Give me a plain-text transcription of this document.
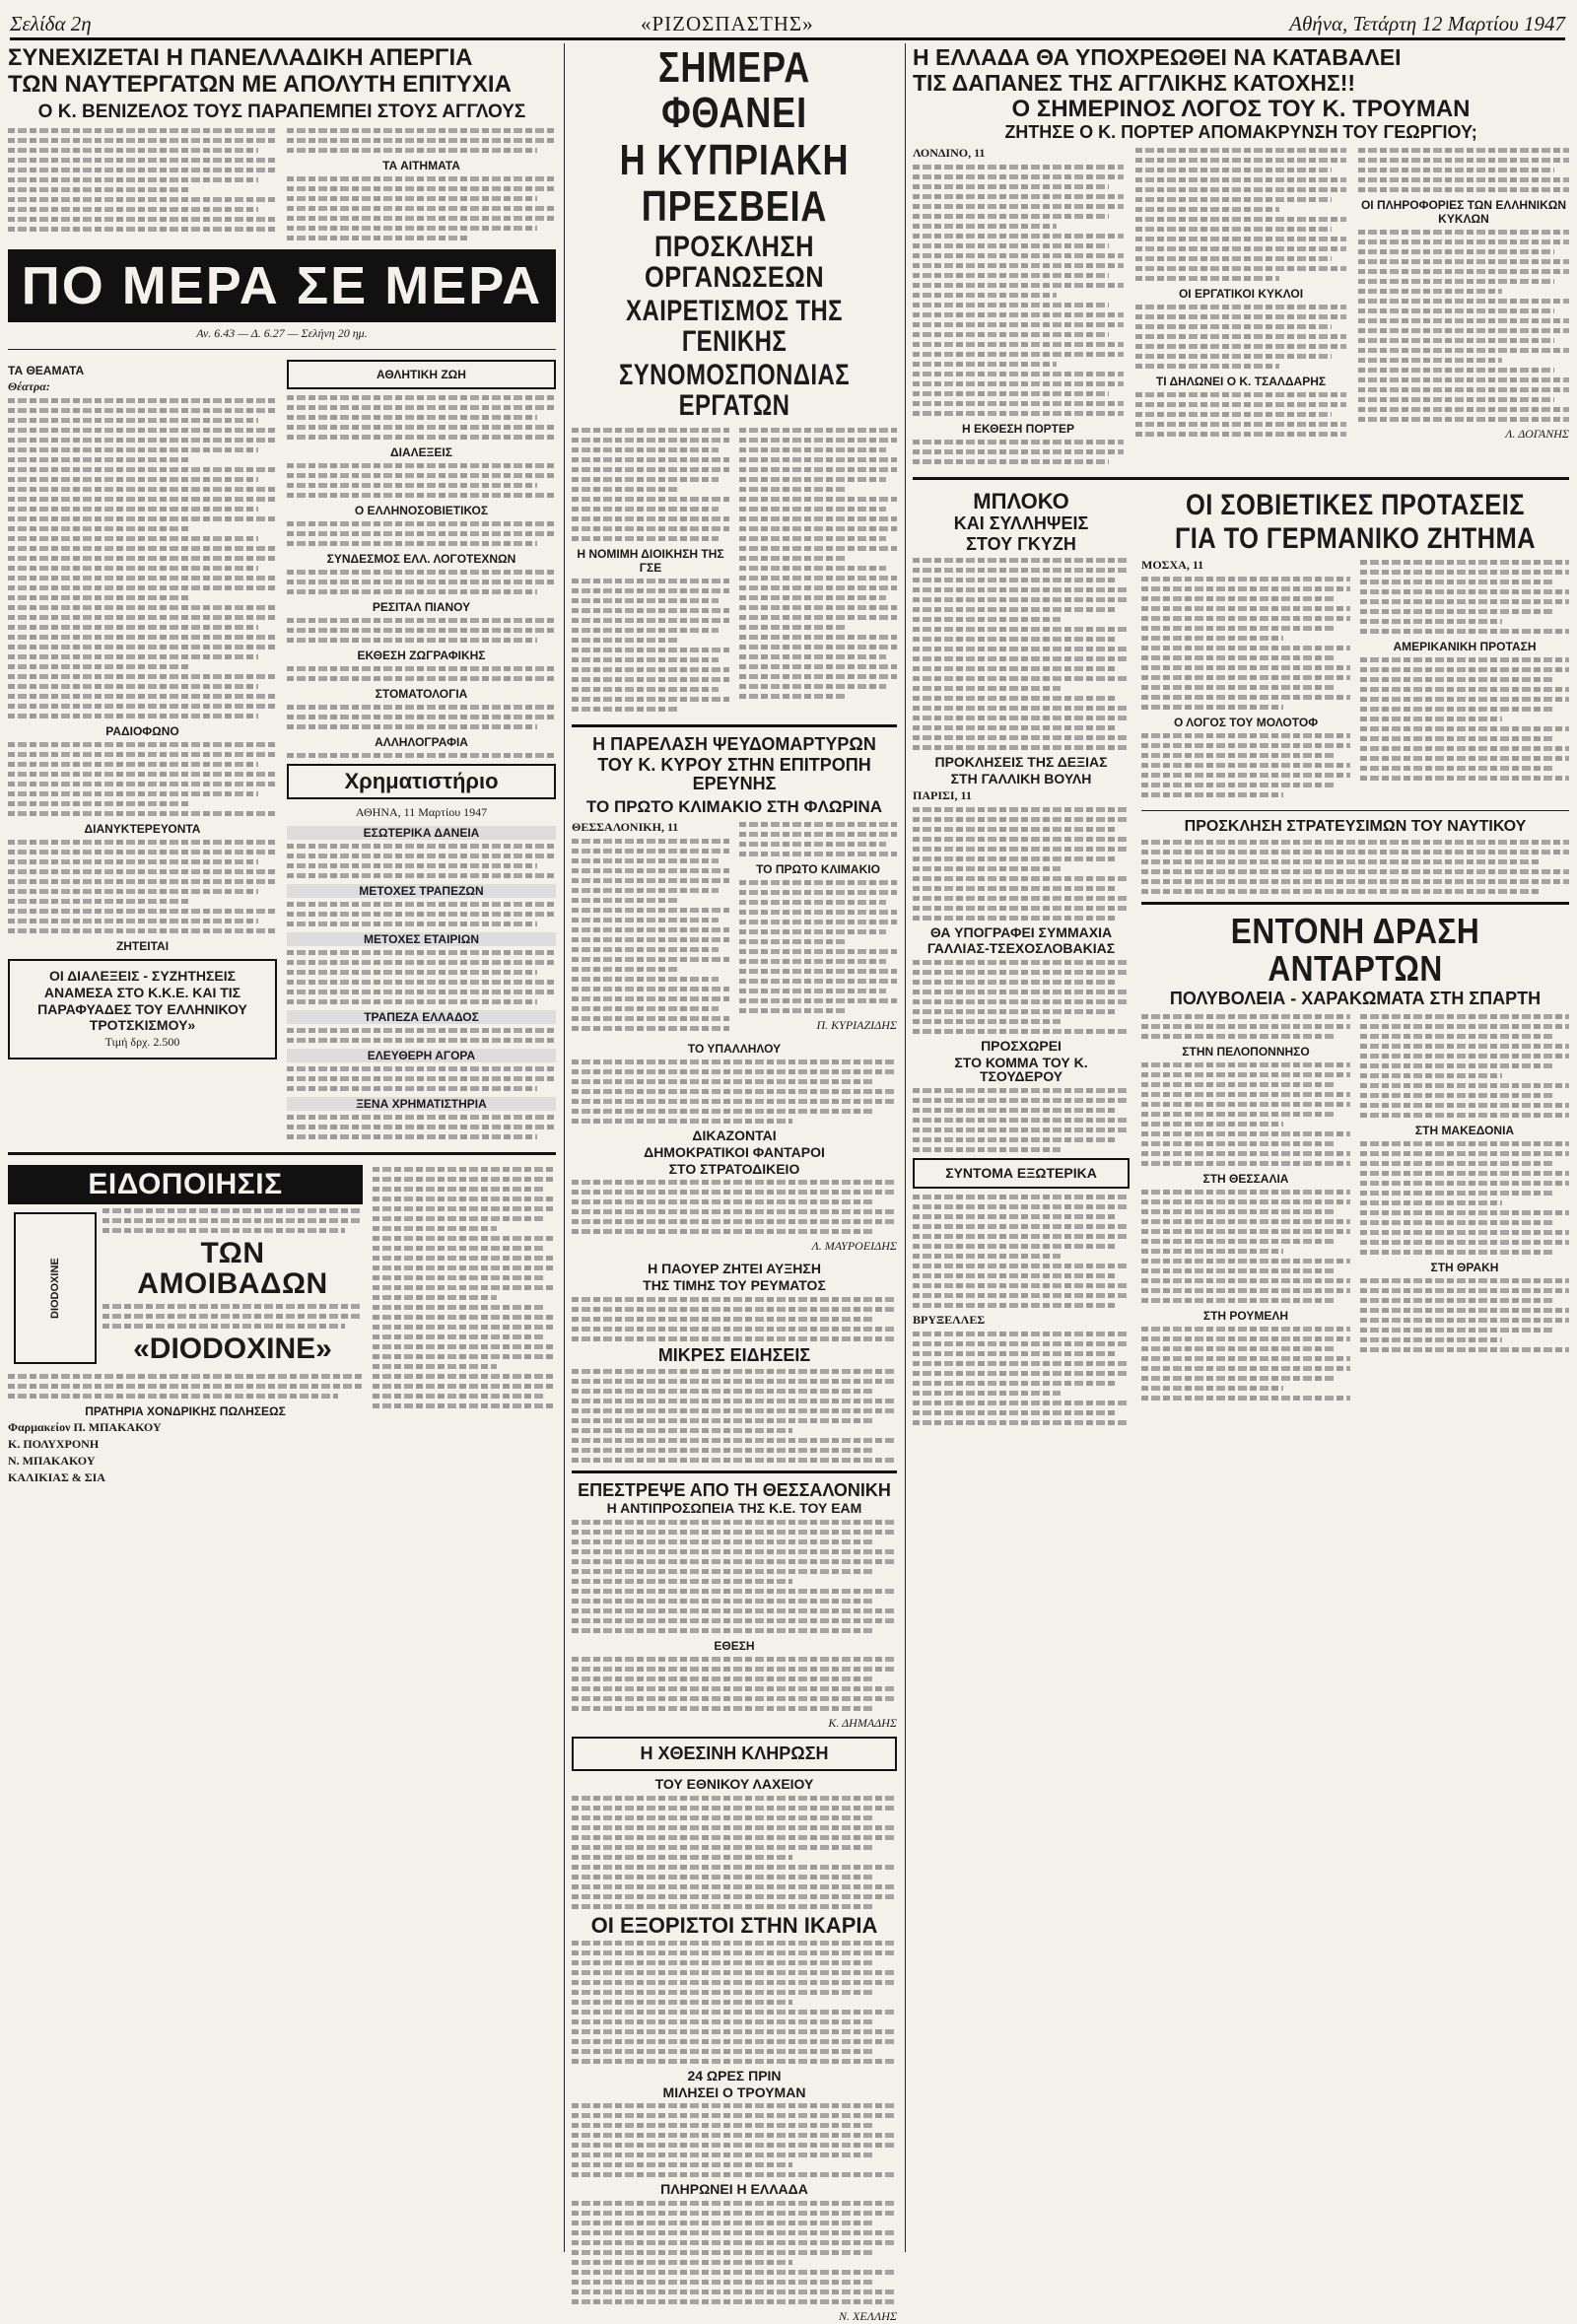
Σελίδα 2η	«ΡΙΖΟΣΠΑΣΤΗΣ»	Αθήνα, Τετάρτη 12 Μαρτίου 1947
ΣΥΝΕΧΙΖΕΤΑΙ Η ΠΑΝΕΛΛΑΔΙΚΗ ΑΠΕΡΓΙΑ
ΤΩΝ ΝΑΥΤΕΡΓΑΤΩΝ ΜΕ ΑΠΟΛΥΤΗ ΕΠΙΤΥΧΙΑ
Ο Κ. ΒΕΝΙΖΕΛΟΣ ΤΟΥΣ ΠΑΡΑΠΕΜΠΕΙ ΣΤΟΥΣ ΑΓΓΛΟΥΣ
ΤΑ ΑΙΤΗΜΑΤΑ
ΠΟ ΜΕΡΑ ΣΕ ΜΕΡΑ
Αν. 6.43 — Δ. 6.27 — Σελήνη 20 ημ.
ΤΑ ΘΕΑΜΑΤΑ
Θέατρα:
ΡΑΔΙΟΦΩΝΟ
ΔΙΑΝΥΚΤΕΡΕΥΟΝΤΑ
ΖΗΤΕΙΤΑΙ
ΟΙ ΔΙΑΛΕΞΕΙΣ - ΣΥΖΗΤΗΣΕΙΣ
ΑΝΑΜΕΣΑ ΣΤΟ Κ.Κ.Ε. ΚΑΙ ΤΙΣ
ΠΑΡΑΦΥΑΔΕΣ ΤΟΥ ΕΛΛΗΝΙΚΟΥ
ΤΡΟΤΣΚΙΣΜΟΥ»
Τιμή δρχ. 2.500
ΑΘΛΗΤΙΚΗ ΖΩΗ
ΔΙΑΛΕΞΕΙΣ
Ο ΕΛΛΗΝΟΣΟΒΙΕΤΙΚΟΣ
ΣΥΝΔΕΣΜΟΣ ΕΛΛ. ΛΟΓΟΤΕΧΝΩΝ
ΡΕΣΙΤΑΛ ΠΙΑΝΟΥ
ΕΚΘΕΣΗ ΖΩΓΡΑΦΙΚΗΣ
ΣΤΟΜΑΤΟΛΟΓΙΑ
ΑΛΛΗΛΟΓΡΑΦΙΑ
Χρηματιστήριο
ΑΘΗΝΑ, 11 Μαρτίου 1947
ΕΣΩΤΕΡΙΚΑ ΔΑΝΕΙΑ
ΜΕΤΟΧΕΣ ΤΡΑΠΕΖΩΝ
ΜΕΤΟΧΕΣ ΕΤΑΙΡΙΩΝ
ΤΡΑΠΕΖΑ ΕΛΛΑΔΟΣ
ΕΛΕΥΘΕΡΗ ΑΓΟΡΑ
ΞΕΝΑ ΧΡΗΜΑΤΙΣΤΗΡΙΑ
ΕΙΔΟΠΟΙΗΣΙΣ
DIODOXINE
ΤΩΝ ΑΜΟΙΒΑΔΩΝ
«DIODOXINE»
ΠΡΑΤΗΡΙΑ ΧΟΝΔΡΙΚΗΣ ΠΩΛΗΣΕΩΣ
Φαρμακείον Π. ΜΠΑΚΑΚΟΥ
Κ. ΠΟΛΥΧΡΟΝΗ
Ν. ΜΠΑΚΑΚΟΥ
ΚΑΛΙΚΙΑΣ & ΣΙΑ
ΣΗΜΕΡΑ ΦΘΑΝΕΙ
Η ΚΥΠΡΙΑΚΗ ΠΡΕΣΒΕΙΑ
ΠΡΟΣΚΛΗΣΗ ΟΡΓΑΝΩΣΕΩΝ
ΧΑΙΡΕΤΙΣΜΟΣ ΤΗΣ ΓΕΝΙΚΗΣ
ΣΥΝΟΜΟΣΠΟΝΔΙΑΣ ΕΡΓΑΤΩΝ
Η ΝΟΜΙΜΗ ΔΙΟΙΚΗΣΗ ΤΗΣ ΓΣΕ
Η ΠΑΡΕΛΑΣΗ ΨΕΥΔΟΜΑΡΤΥΡΩΝ
ΤΟΥ Κ. ΚΥΡΟΥ ΣΤΗΝ ΕΠΙΤΡΟΠΗ ΕΡΕΥΝΗΣ
ΤΟ ΠΡΩΤΟ ΚΛΙΜΑΚΙΟ ΣΤΗ ΦΛΩΡΙΝΑ
ΘΕΣΣΑΛΟΝΙΚΗ, 11
ΤΟ ΠΡΩΤΟ ΚΛΙΜΑΚΙΟ
Π. ΚΥΡΙΑΖΙΔΗΣ
ΤΟ ΥΠΑΛΛΗΛΟΥ
ΔΙΚΑΖΟΝΤΑΙ
ΔΗΜΟΚΡΑΤΙΚΟΙ ΦΑΝΤΑΡΟΙ
ΣΤΟ ΣΤΡΑΤΟΔΙΚΕΙΟ
Λ. ΜΑΥΡΟΕΙΔΗΣ
Η ΠΑΟΥΕΡ ΖΗΤΕΙ ΑΥΞΗΣΗ
ΤΗΣ ΤΙΜΗΣ ΤΟΥ ΡΕΥΜΑΤΟΣ
ΜΙΚΡΕΣ ΕΙΔΗΣΕΙΣ
ΕΠΕΣΤΡΕΨΕ ΑΠΟ ΤΗ ΘΕΣΣΑΛΟΝΙΚΗ
Η ΑΝΤΙΠΡΟΣΩΠΕΙΑ ΤΗΣ Κ.Ε. ΤΟΥ ΕΑΜ
ΕΘΕΣΗ
Κ. ΔΗΜΑΔΗΣ
Η ΧΘΕΣΙΝΗ ΚΛΗΡΩΣΗ
ΤΟΥ ΕΘΝΙΚΟΥ ΛΑΧΕΙΟΥ
ΟΙ ΕΞΟΡΙΣΤΟΙ ΣΤΗΝ ΙΚΑΡΙΑ
24 ΩΡΕΣ ΠΡΙΝ
ΜΙΛΗΣΕΙ Ο ΤΡΟΥΜΑΝ
ΠΛΗΡΩΝΕΙ Η ΕΛΛΑΔΑ
Ν. ΧΕΛΛΗΣ
Η ΕΛΛΑΔΑ ΘΑ ΥΠΟΧΡΕΩΘΕΙ ΝΑ ΚΑΤΑΒΑΛΕΙ
ΤΙΣ ΔΑΠΑΝΕΣ ΤΗΣ ΑΓΓΛΙΚΗΣ ΚΑΤΟΧΗΣ!!
Ο ΣΗΜΕΡΙΝΟΣ ΛΟΓΟΣ ΤΟΥ Κ. ΤΡΟΥΜΑΝ
ΖΗΤΗΣΕ Ο Κ. ΠΟΡΤΕΡ ΑΠΟΜΑΚΡΥΝΣΗ ΤΟΥ ΓΕΩΡΓΙΟΥ;
ΛΟΝΔΙΝΟ, 11
Η ΕΚΘΕΣΗ ΠΟΡΤΕΡ
ΟΙ ΕΡΓΑΤΙΚΟΙ ΚΥΚΛΟΙ
ΤΙ ΔΗΛΩΝΕΙ Ο Κ. ΤΣΑΛΔΑΡΗΣ
ΟΙ ΠΛΗΡΟΦΟΡΙΕΣ ΤΩΝ ΕΛΛΗΝΙΚΩΝ ΚΥΚΛΩΝ
Λ. ΔΟΓΑΝΗΣ
ΜΠΛΟΚΟ
ΚΑΙ ΣΥΛΛΗΨΕΙΣ
ΣΤΟΥ ΓΚΥΖΗ
ΠΡΟΚΛΗΣΕΙΣ ΤΗΣ ΔΕΞΙΑΣ
ΣΤΗ ΓΑΛΛΙΚΗ ΒΟΥΛΗ
ΠΑΡΙΣΙ, 11
ΘΑ ΥΠΟΓΡΑΦΕΙ ΣΥΜΜΑΧΙΑ
ΓΑΛΛΙΑΣ-ΤΣΕΧΟΣΛΟΒΑΚΙΑΣ
ΠΡΟΣΧΩΡΕΙ
ΣΤΟ ΚΟΜΜΑ ΤΟΥ Κ. ΤΣΟΥΔΕΡΟΥ
ΣΥΝΤΟΜΑ ΕΞΩΤΕΡΙΚΑ
ΒΡΥΞΕΛΛΕΣ
ΟΙ ΣΟΒΙΕΤΙΚΕΣ ΠΡΟΤΑΣΕΙΣ
ΓΙΑ ΤΟ ΓΕΡΜΑΝΙΚΟ ΖΗΤΗΜΑ
ΜΟΣΧΑ, 11
Ο ΛΟΓΟΣ ΤΟΥ ΜΟΛΟΤΟΦ
ΑΜΕΡΙΚΑΝΙΚΗ ΠΡΟΤΑΣΗ
ΠΡΟΣΚΛΗΣΗ ΣΤΡΑΤΕΥΣΙΜΩΝ ΤΟΥ ΝΑΥΤΙΚΟΥ
ΕΝΤΟΝΗ ΔΡΑΣΗ ΑΝΤΑΡΤΩΝ
ΠΟΛΥΒΟΛΕΙΑ - ΧΑΡΑΚΩΜΑΤΑ ΣΤΗ ΣΠΑΡΤΗ
ΣΤΗΝ ΠΕΛΟΠΟΝΝΗΣΟ
ΣΤΗ ΘΕΣΣΑΛΙΑ
ΣΤΗ ΡΟΥΜΕΛΗ
ΣΤΗ ΜΑΚΕΔΟΝΙΑ
ΣΤΗ ΘΡΑΚΗ
